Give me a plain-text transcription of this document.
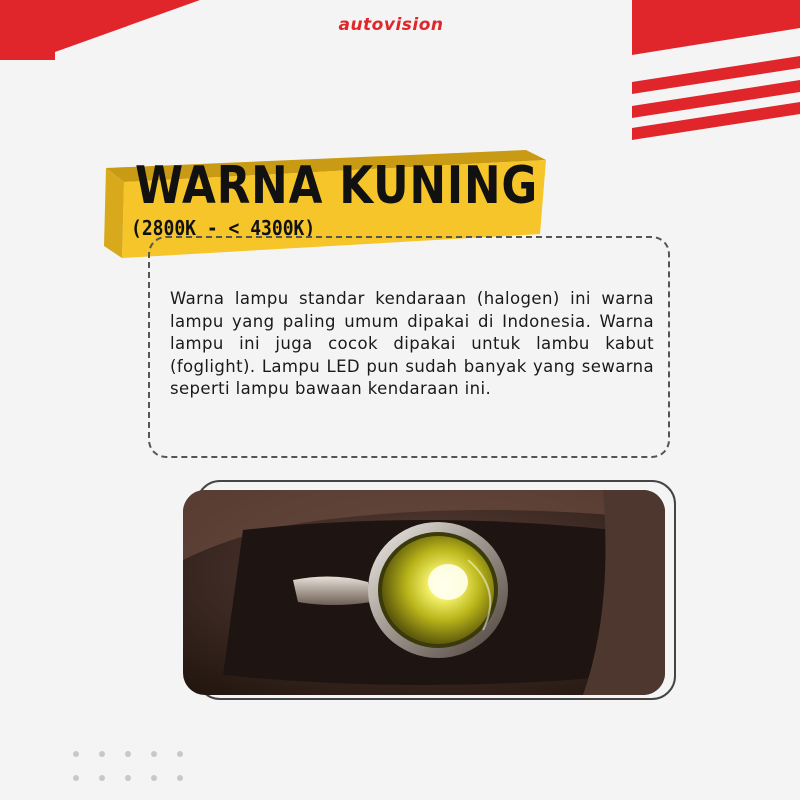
autovision
WARNA KUNING
(2800K - < 4300K)
Warna lampu standar kendaraan (halogen) ini warna lampu yang paling umum dipakai di Indonesia. Warna lampu ini juga cocok dipakai untuk lambu kabut (foglight). Lampu LED pun sudah banyak yang sewarna seperti lampu bawaan kendaraan ini.
